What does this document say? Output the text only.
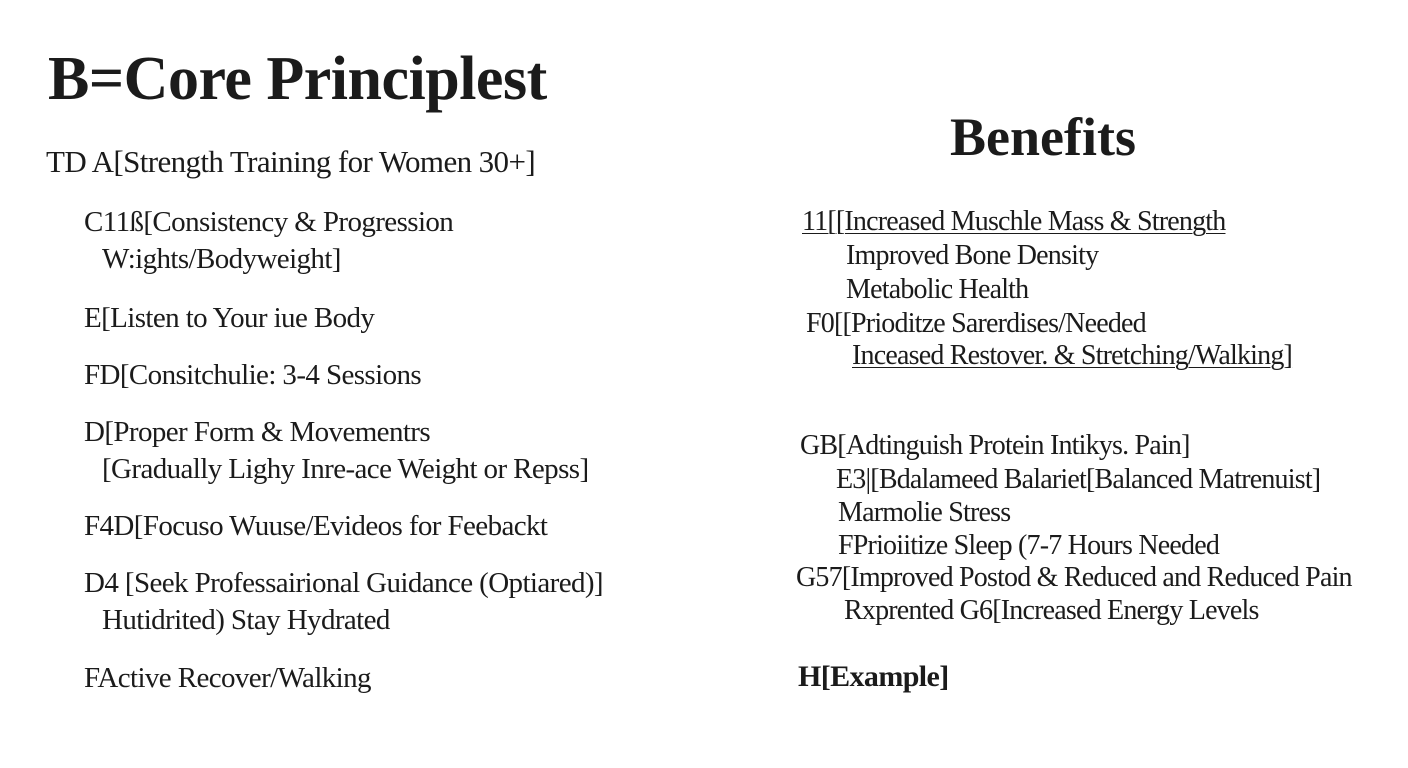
B=Core Principlest
TD A[Strength Training for Women 30+]
C11ß[Consistency & Progression
W:ights/Bodyweight]
E[Listen to Your iue Body
FD[Consitchulie: 3-4 Sessions
D[Proper Form & Movementrs
[Gradually Lighy Inre-ace Weight or Repss]
F4D[Focuso Wuuse/Evideos for Feebackt
D4 [Seek Professairional Guidance (Optiared)]
Hutidrited) Stay Hydrated
FActive Recover/Walking
Benefits
11[[Increased Muschle Mass & Strength
Improved Bone Density
Metabolic Health
F0[[Prioditze Sarerdises/Needed
Inceased Restover. & Stretching/Walking]
GB[Adtinguish Protein Intikys. Pain]
E3|[Bdalameed Balariet[Balanced Matrenuist]
Marmolie Stress
FPrioiitize Sleep (7-7 Hours Needed
G57[Improved Postod & Reduced and Reduced Pain
Rxprented G6[Increased Energy Levels
H[Example]
